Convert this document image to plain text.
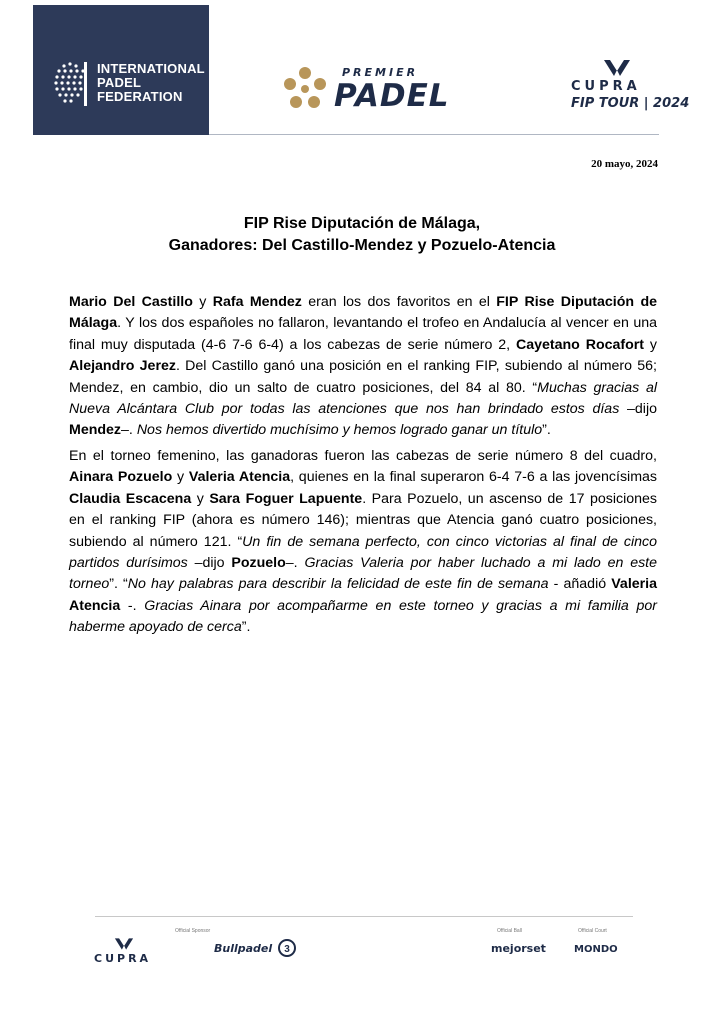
INTERNATIONAL
PADEL
FEDERATION
PREMIER
PADEL	CUPRA
FIP TOUR | 2024
20 mayo, 2024
FIP Rise Diputación de Málaga,
Ganadores: Del Castillo-Mendez y Pozuelo-Atencia
Mario Del Castillo y Rafa Mendez eran los dos favoritos en el FIP Rise Diputación de Málaga. Y los dos españoles no fallaron, levantando el trofeo en Andalucía al vencer en una final muy disputada (4-6 7-6 6-4) a los cabezas de serie número 2, Cayetano Rocafort y Alejandro Jerez. Del Castillo ganó una posición en el ranking FIP, subiendo al número 56; Mendez, en cambio, dio un salto de cuatro posiciones, del 84 al 80. “Muchas gracias al Nueva Alcántara Club por todas las atenciones que nos han brindado estos días –dijo Mendez–. Nos hemos divertido muchísimo y hemos logrado ganar un título”.
En el torneo femenino, las ganadoras fueron las cabezas de serie número 8 del cuadro, Ainara Pozuelo y Valeria Atencia, quienes en la final superaron 6-4 7-6 a las jovencísimas Claudia Escacena y Sara Foguer Lapuente. Para Pozuelo, un ascenso de 17 posiciones en el ranking FIP (ahora es número 146); mientras que Atencia ganó cuatro posiciones, subiendo al número 121. “Un fin de semana perfecto, con cinco victorias al final de cinco partidos durísimos –dijo Pozuelo–. Gracias Valeria por haber luchado a mi lado en este torneo”. “No hay palabras para describir la felicidad de este fin de semana - añadió Valeria Atencia -. Gracias Ainara por acompañarme en este torneo y gracias a mi familia por haberme apoyado de cerca”.
Official Sponsor	Official Ball	Official Court
CUPRA
Bullpadel	3	mejorset	MONDO
